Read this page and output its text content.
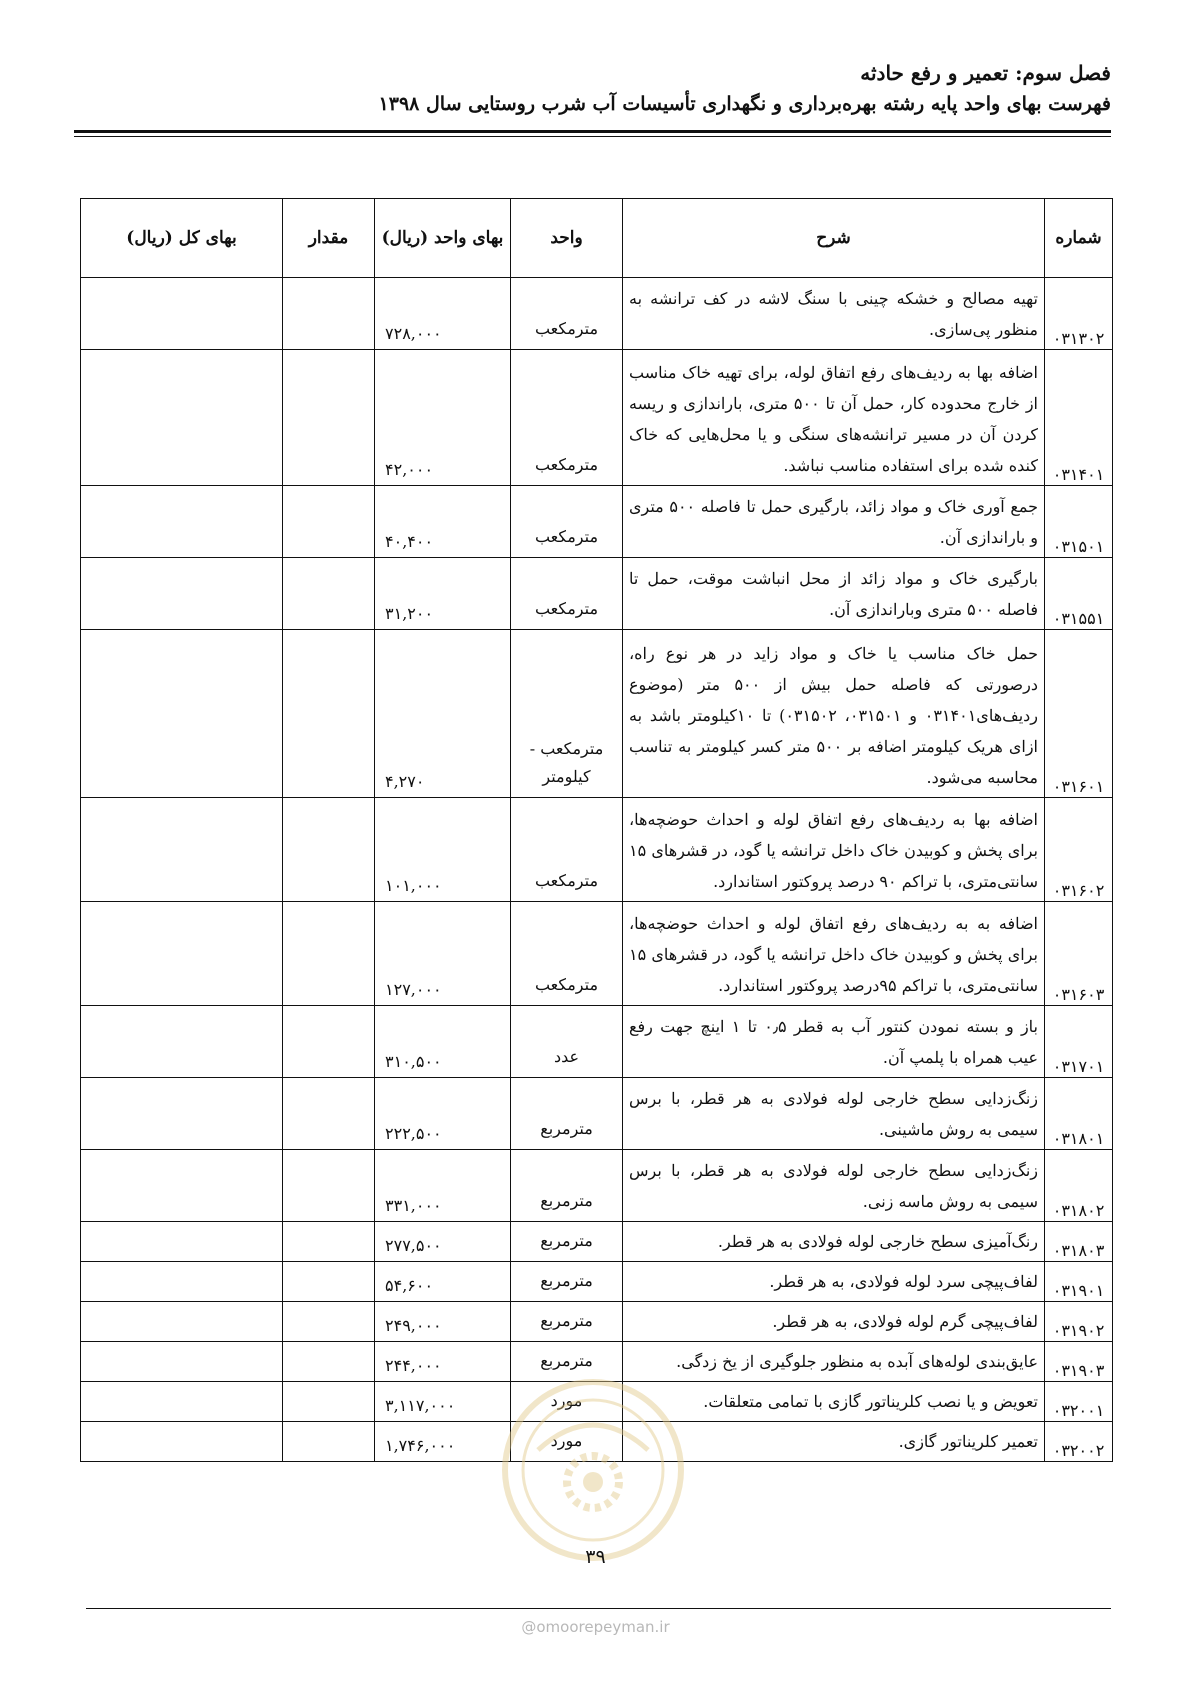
فصل سوم: تعمیر و رفع حادثه
فهرست بهای واحد پایه رشته بهره‌برداری و نگهداری تأسیسات آب شرب روستایی سال ۱۳۹۸
شماره	شرح	واحد	بهای واحد (ریال)	مقدار	بهای کل (ریال)
۰۳۱۳۰۲	تهیه مصالح و خشکه چینی با سنگ لاشه در کف ترانشه به منظور پی‌سازی.	مترمکعب	۷۲۸,۰۰۰		
۰۳۱۴۰۱	اضافه بها به ردیف‌های رفع اتفاق لوله، برای تهیه خاک مناسب از خارج محدوده کار، حمل آن تا ۵۰۰ متری، باراندازی و ریسه کردن آن در مسیر ترانشه‌های سنگی و یا محل‌هایی که خاک کنده شده برای استفاده مناسب نباشد.	مترمکعب	۴۲,۰۰۰		
۰۳۱۵۰۱	جمع آوری خاک و مواد زائد، بارگیری حمل تا فاصله ۵۰۰ متری و باراندازی آن.	مترمکعب	۴۰,۴۰۰		
۰۳۱۵۵۱	بارگیری خاک و مواد زائد از محل انباشت موقت، حمل تا فاصله ۵۰۰ متری وباراندازی آن.	مترمکعب	۳۱,۲۰۰		
۰۳۱۶۰۱	حمل خاک مناسب یا خاک و مواد زاید در هر نوع راه، درصورتی که فاصله حمل بیش از ۵۰۰ متر (موضوع ردیف‌های۰۳۱۴۰۱ و ۰۳۱۵۰۱، ۰۳۱۵۰۲) تا ۱۰کیلومتر باشد به ازای هریک کیلومتر اضافه بر ۵۰۰ متر کسر کیلومتر به تناسب محاسبه می‌شود.	مترمکعب - کیلومتر	۴,۲۷۰		
۰۳۱۶۰۲	اضافه بها به ردیف‌های رفع اتفاق لوله و احداث حوضچه‌ها، برای پخش و کوبیدن خاک داخل ترانشه یا گود، در قشرهای ۱۵ سانتی‌متری، با تراکم ۹۰ درصد پروکتور استاندارد.	مترمکعب	۱۰۱,۰۰۰		
۰۳۱۶۰۳	اضافه به به ردیف‌های رفع اتفاق لوله و احداث حوضچه‌ها، برای پخش و کوبیدن خاک داخل ترانشه یا گود، در قشرهای ۱۵ سانتی‌متری، با تراکم ۹۵درصد پروکتور استاندارد.	مترمکعب	۱۲۷,۰۰۰		
۰۳۱۷۰۱	باز و بسته نمودن کنتور آب به قطر ۰٫۵ تا ۱ اینچ جهت رفع عیب همراه با پلمپ آن.	عدد	۳۱۰,۵۰۰		
۰۳۱۸۰۱	زنگ‌زدایی سطح خارجی لوله فولادی به هر قطر، با برس سیمی به روش ماشینی.	مترمربع	۲۲۲,۵۰۰		
۰۳۱۸۰۲	زنگ‌زدایی سطح خارجی لوله فولادی به هر قطر، با برس سیمی به روش ماسه زنی.	مترمربع	۳۳۱,۰۰۰		
۰۳۱۸۰۳	رنگ‌آمیزی سطح خارجی لوله فولادی به هر قطر.	مترمربع	۲۷۷,۵۰۰		
۰۳۱۹۰۱	لفاف‌پیچی سرد لوله فولادی، به هر قطر.	مترمربع	۵۴,۶۰۰		
۰۳۱۹۰۲	لفاف‌پیچی گرم لوله فولادی، به هر قطر.	مترمربع	۲۴۹,۰۰۰		
۰۳۱۹۰۳	عایق‌بندی لوله‌های آبده به منظور جلوگیری از یخ زدگی.	مترمربع	۲۴۴,۰۰۰		
۰۳۲۰۰۱	تعویض و یا نصب کلریناتور گازی با تمامی متعلقات.	مورد	۳,۱۱۷,۰۰۰		
۰۳۲۰۰۲	تعمیر کلریناتور گازی.	مورد	۱,۷۴۶,۰۰۰		
۳۹
@omoorepeyman.ir
